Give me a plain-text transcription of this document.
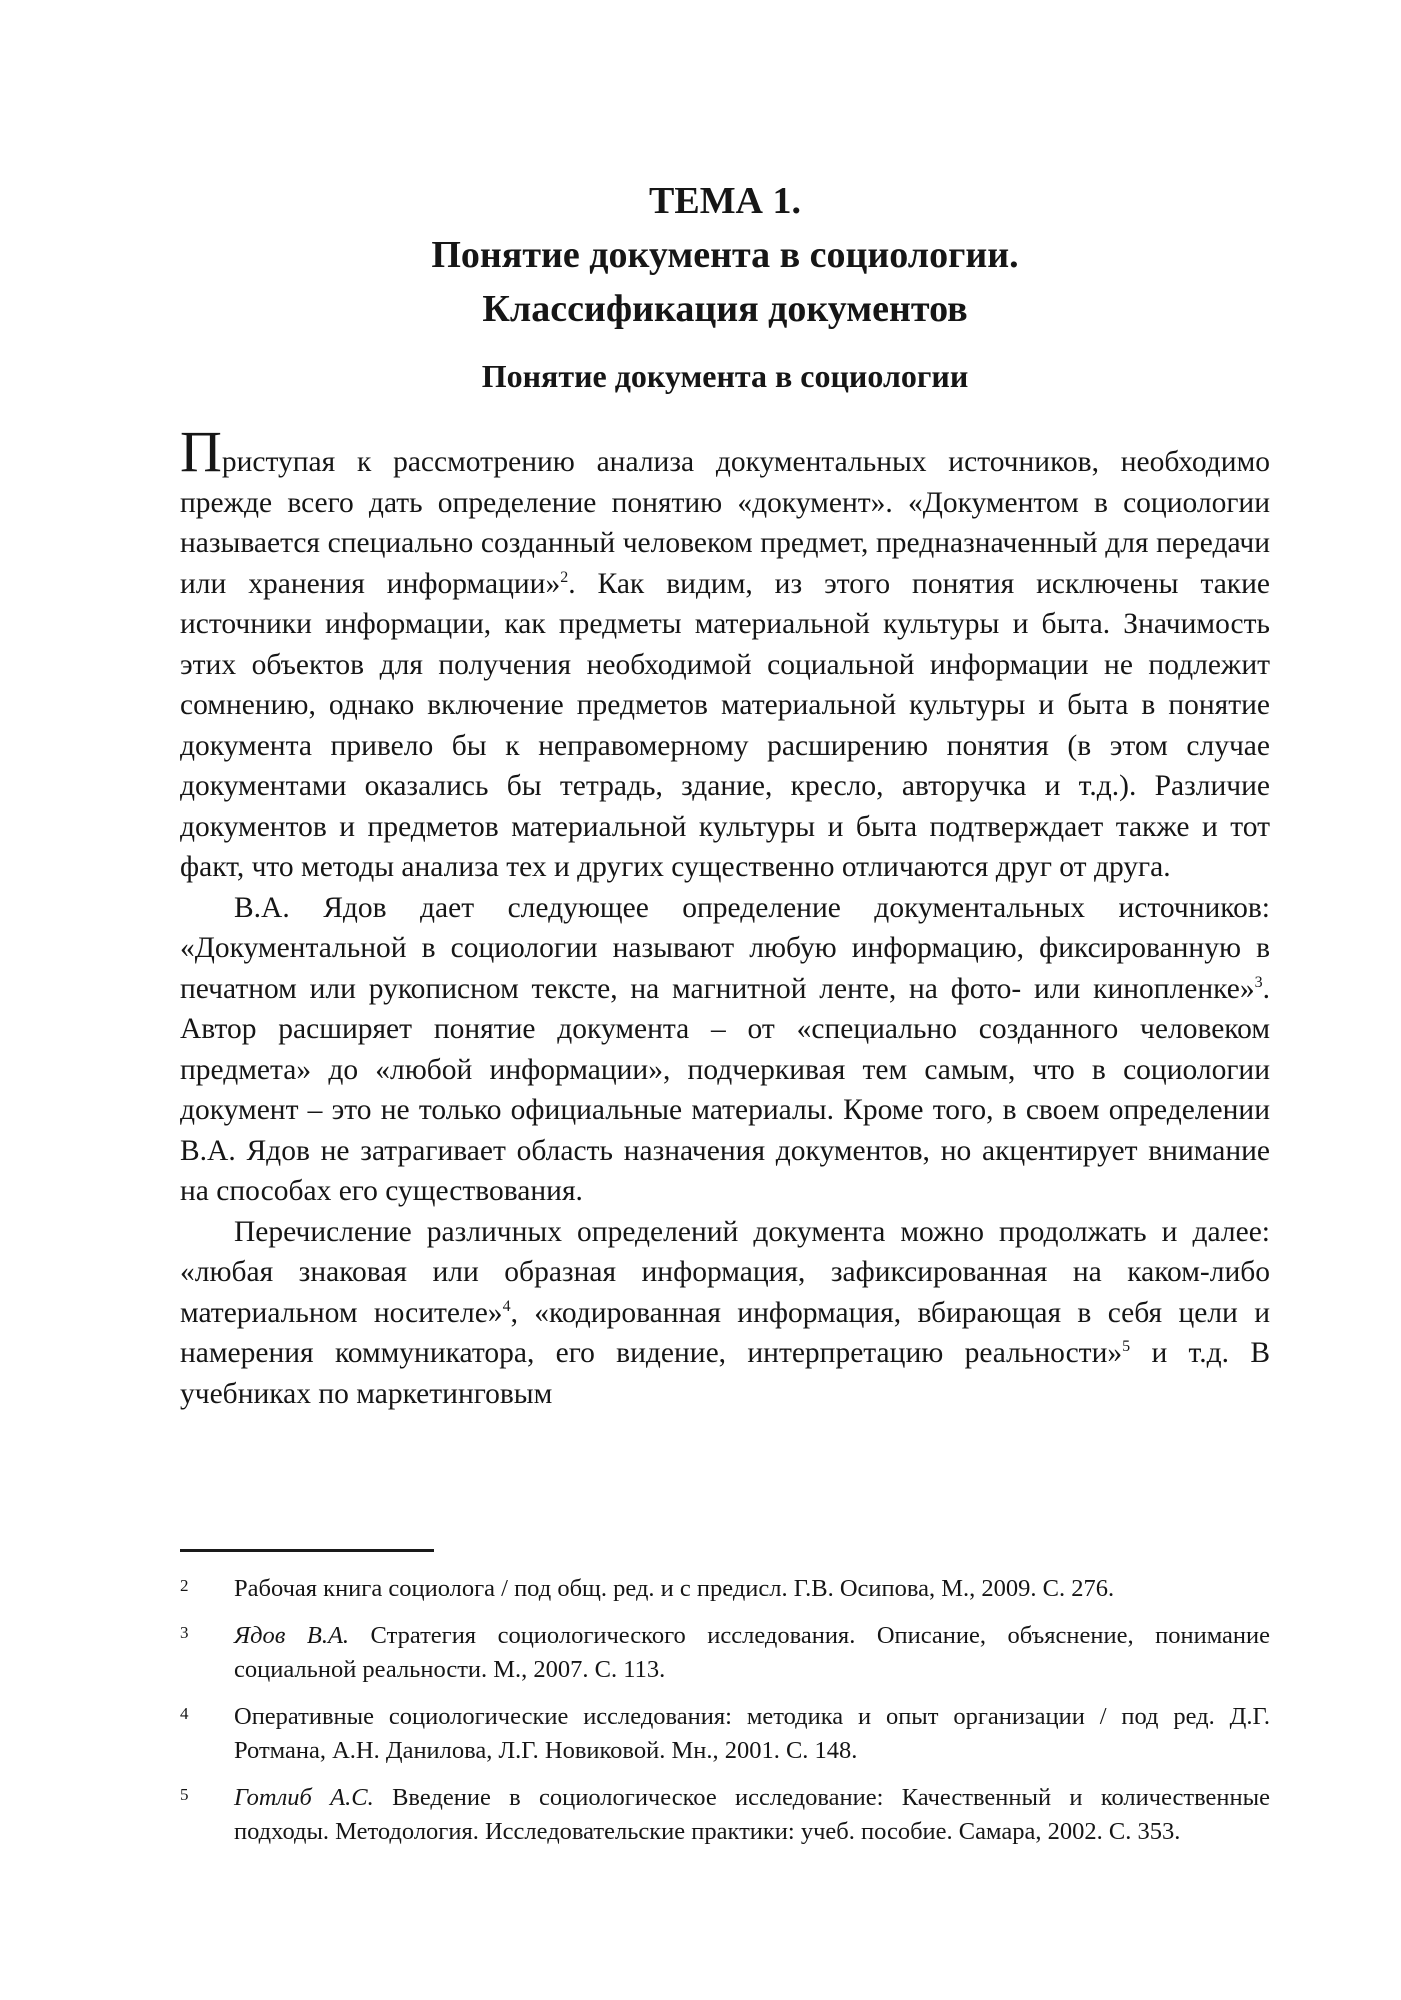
ТЕМА 1.
Понятие документа в социологии.
Классификация документов
Понятие документа в социологии

Приступая к рассмотрению анализа документальных источников, необходимо прежде всего дать определение понятию «документ». «Документом в социологии называется специально созданный человеком предмет, предназначенный для передачи или хранения информации»$^2$. Как видим, из этого понятия исключены такие источники информации, как предметы материальной культуры и быта. Значимость этих объектов для получения необходимой социальной информации не подлежит сомнению, однако включение предметов материальной культуры и быта в понятие документа привело бы к неправомерному расширению понятия (в этом случае документами оказались бы тетрадь, здание, кресло, авторучка и т.д.). Различие документов и предметов материальной культуры и быта подтверждает также и тот факт, что методы анализа тех и других существенно отличаются друг от друга.

В.А. Ядов дает следующее определение документальных источников: «Документальной в социологии называют любую информацию, фиксированную в печатном или рукописном тексте, на магнитной ленте, на фото- или кинопленке»$^3$. Автор расширяет понятие документа – от «специально созданного человеком предмета» до «любой информации», подчеркивая тем самым, что в социологии документ – это не только официальные материалы. Кроме того, в своем определении В.А. Ядов не затрагивает область назначения документов, но акцентирует внимание на способах его существования.

Перечисление различных определений документа можно продолжать и далее: «любая знаковая или образная информация, зафиксированная на каком-либо материальном носителе»$^4$, «кодированная информация, вбирающая в себя цели и намерения коммуникатора, его видение, интерпретацию реальности»$^5$ и т.д. В учебниках по маркетинговым

2	Рабочая книга социолога / под общ. ред. и с предисл. Г.В. Осипова, М., 2009. С. 276.
3	Ядов В.А. Стратегия социологического исследования. Описание, объяснение, понимание социальной реальности. М., 2007. С. 113.
4	Оперативные социологические исследования: методика и опыт организации / под ред. Д.Г. Ротмана, А.Н. Данилова, Л.Г. Новиковой. Мн., 2001. С. 148.
5	Готлиб А.С. Введение в социологическое исследование: Качественный и количественные подходы. Методология. Исследовательские практики: учеб. пособие. Самара, 2002. С. 353.
